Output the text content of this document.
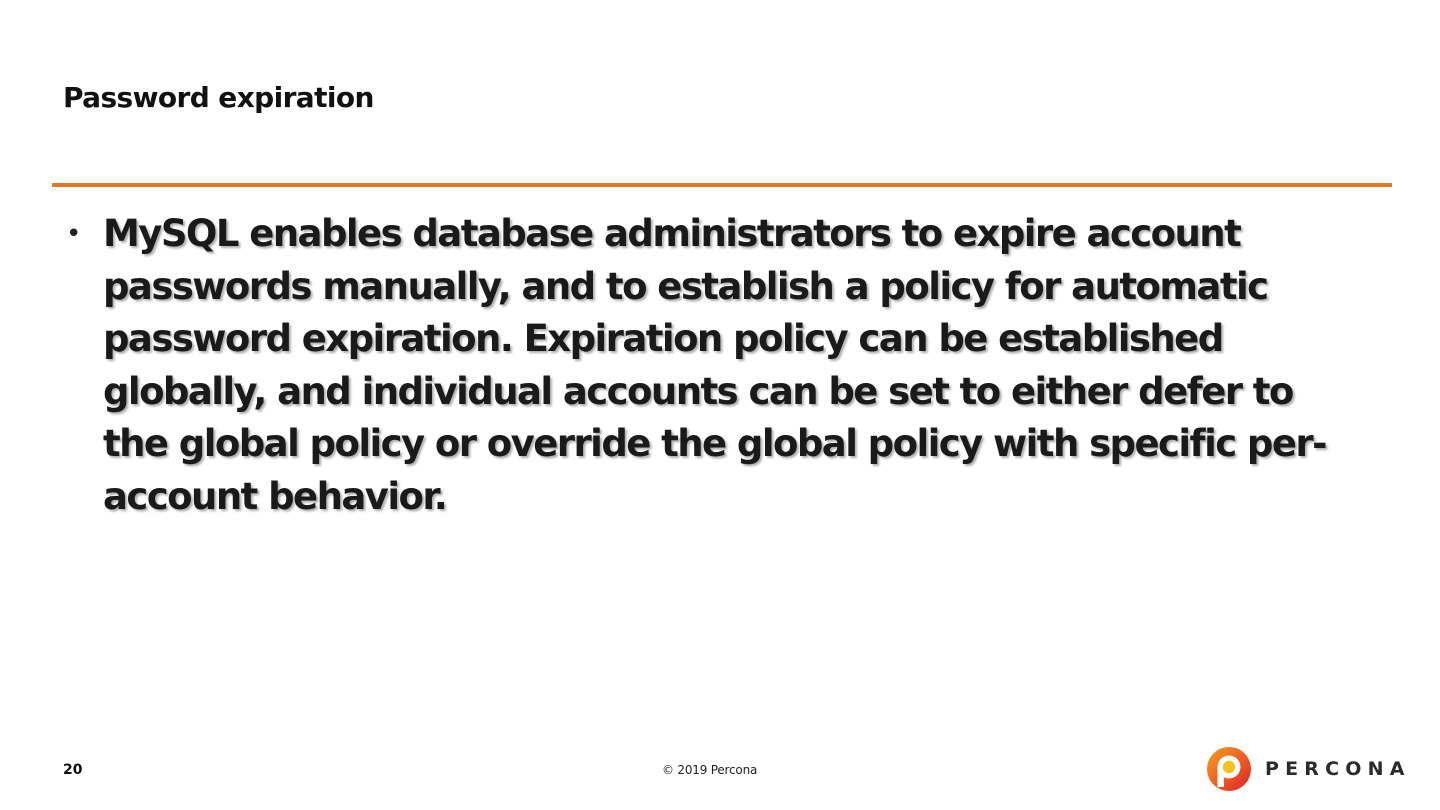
Password expiration
• MySQL enables database administrators to expire account passwords manually, and to establish a policy for automatic password expiration. Expiration policy can be established globally, and individual accounts can be set to either defer to the global policy or override the global policy with specific per-account behavior.
20	© 2019 Percona	PERCONA
